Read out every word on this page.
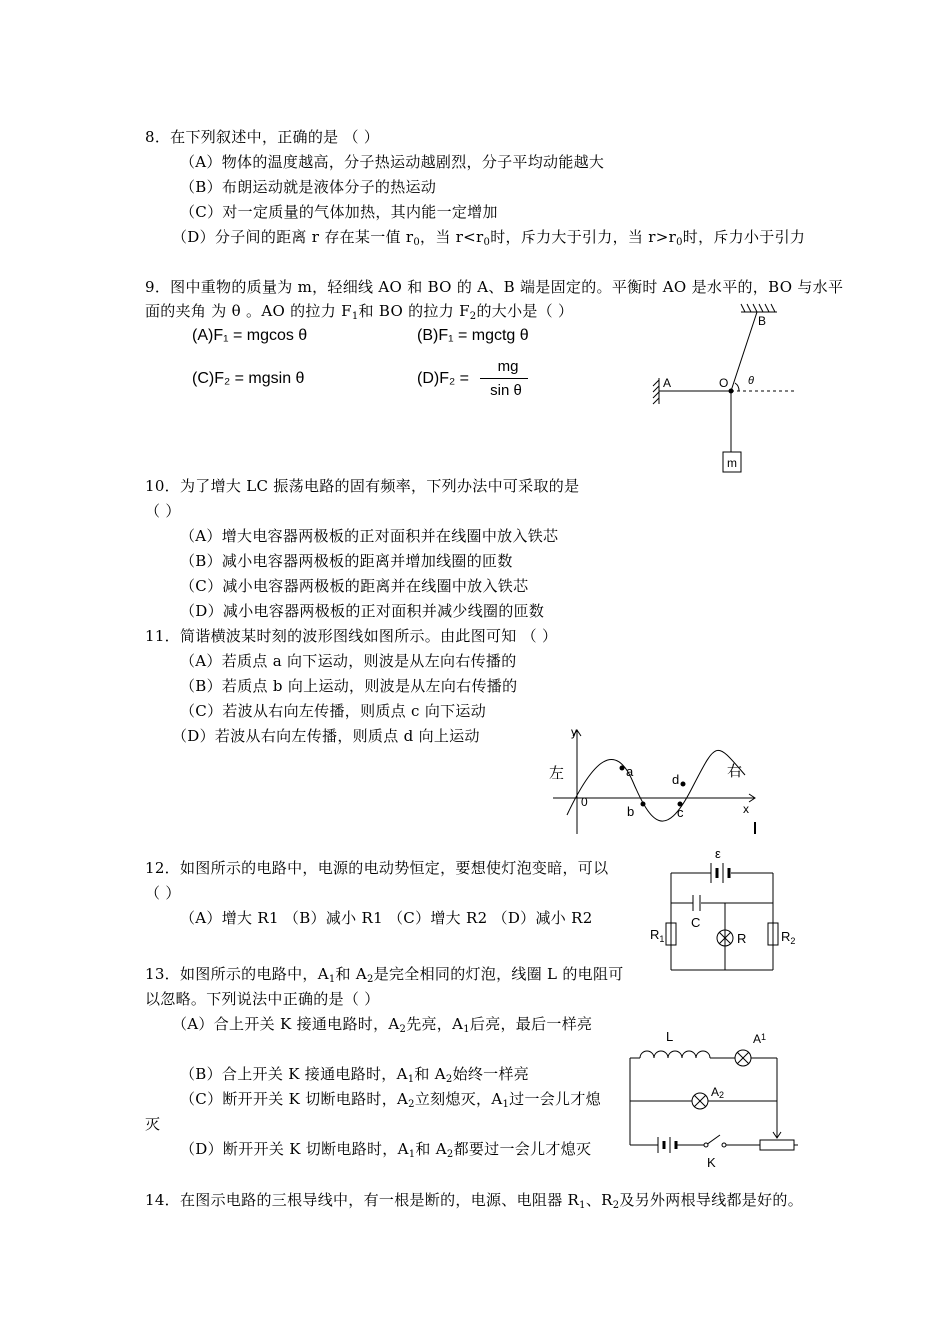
8．在下列叙述中，正确的是 （ ）
（A）物体的温度越高，分子热运动越剧烈，分子平均动能越大
（B）布朗运动就是液体分子的热运动
（C）对一定质量的气体加热，其内能一定增加
（D）分子间的距离 r 存在某一值 $r_0$，当 $r<r_0$时，斥力大于引力，当 $r>r_0$时，斥力小于引力
9．图中重物的质量为 m，轻细线 AO 和 BO 的 A、B 端是固定的。平衡时 AO 是水平的，BO 与水平
面的夹角 为 θ 。AO 的拉力 $F_1$和 BO 的拉力 $F_2$的大小是（ ）
(A)F₁ = mgcos θ	(B)F₁ = mgctg θ
(C)F₂ = mgsin θ	(D)F₂ =
mg
sin θ	A
B
O θ
m
10．为了增大 LC 振荡电路的固有频率，下列办法中可采取的是
（ ）
（A）增大电容器两极板的正对面积并在线圈中放入铁芯
（B）减小电容器两极板的距离并增加线圈的匝数
（C）减小电容器两极板的距离并在线圈中放入铁芯
（D）减小电容器两极板的正对面积并减少线圈的匝数
11．简谐横波某时刻的波形图线如图所示。由此图可知 （ ）
（A）若质点 a 向下运动，则波是从左向右传播的
（B）若质点 b 向上运动，则波是从左向右传播的
（C）若波从右向左传播，则质点 c 向下运动
（D）若波从右向左传播，则质点 d 向上运动	y
x
0
左	右
a
b	c
d
12．如图所示的电路中，电源的电动势恒定，要想使灯泡变暗，可以
（ ）
（A）增大 R1 （B）减小 R1 （C）增大 R2 （D）减小 R2
ε
C
R
$R_1$	$R_2$
13．如图所示的电路中，$A_1$和 $A_2$是完全相同的灯泡，线圈 L 的电阻可
以忽略。下列说法中正确的是（ ）
（A）合上开关 K 接通电路时，$A_2$先亮，$A_1$后亮，最后一样亮
（B）合上开关 K 接通电路时，$A_1$和 $A_2$始终一样亮
（C）断开开关 K 切断电路时，$A_2$立刻熄灭，$A_1$过一会儿才熄
灭
（D）断开开关 K 切断电路时，$A_1$和 $A_2$都要过一会儿才熄灭
L	$A^1$
A2
K
14．在图示电路的三根导线中，有一根是断的，电源、电阻器 $R_1$、$R_2$及另外两根导线都是好的。
